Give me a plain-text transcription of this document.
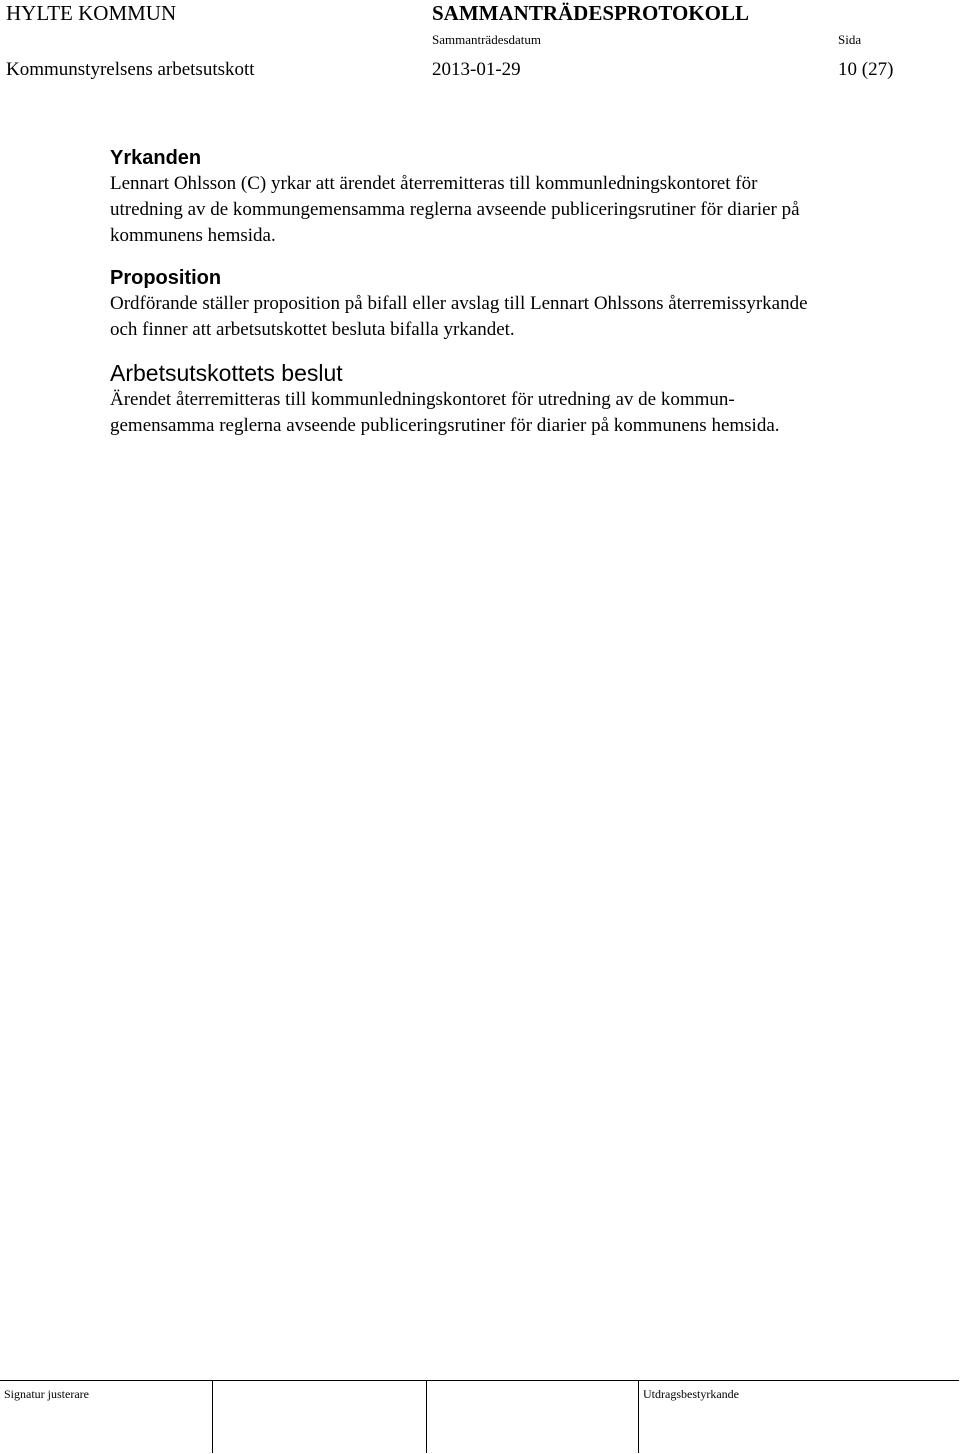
HYLTE KOMMUN	SAMMANTRÄDESPROTOKOLL
Sammanträdesdatum	Sida
Kommunstyrelsens arbetsutskott	2013-01-29	10 (27)
Yrkanden

Lennart Ohlsson (C) yrkar att ärendet återremitteras till kommunledningskontoret för
utredning av de kommungemensamma reglerna avseende publiceringsrutiner för diarier på
kommunens hemsida.

Proposition

Ordförande ställer proposition på bifall eller avslag till Lennart Ohlssons återremissyrkande
och finner att arbetsutskottet besluta bifalla yrkandet.

Arbetsutskottets beslut

Ärendet återremitteras till kommunledningskontoret för utredning av de kommun-
gemensamma reglerna avseende publiceringsrutiner för diarier på kommunens hemsida.

Signatur justerare	Utdragsbestyrkande
